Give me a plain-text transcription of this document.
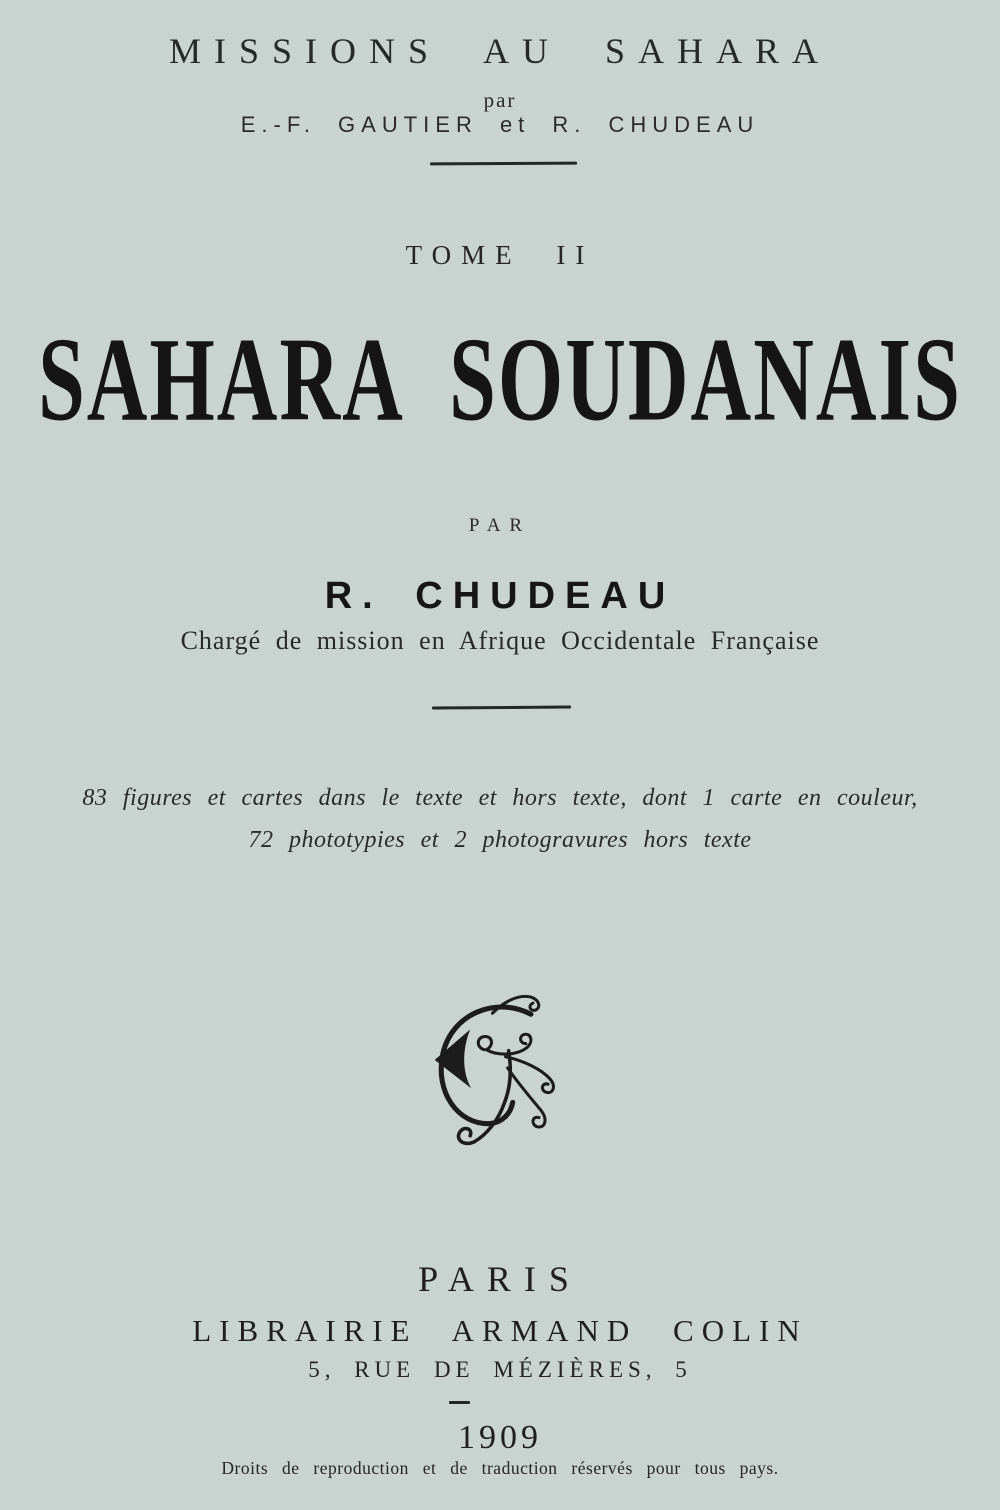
MISSIONS AU SAHARA
par
E.-F. GAUTIER et R. CHUDEAU
TOME II
SAHARA SOUDANAIS
PAR
R. CHUDEAU
Chargé de mission en Afrique Occidentale Française
83 figures et cartes dans le texte et hors texte, dont 1 carte en couleur,
72 phototypies et 2 photogravures hors texte
PARIS
LIBRAIRIE ARMAND COLIN
5, RUE DE MÉZIÈRES, 5
1909
Droits de reproduction et de traduction réservés pour tous pays.
